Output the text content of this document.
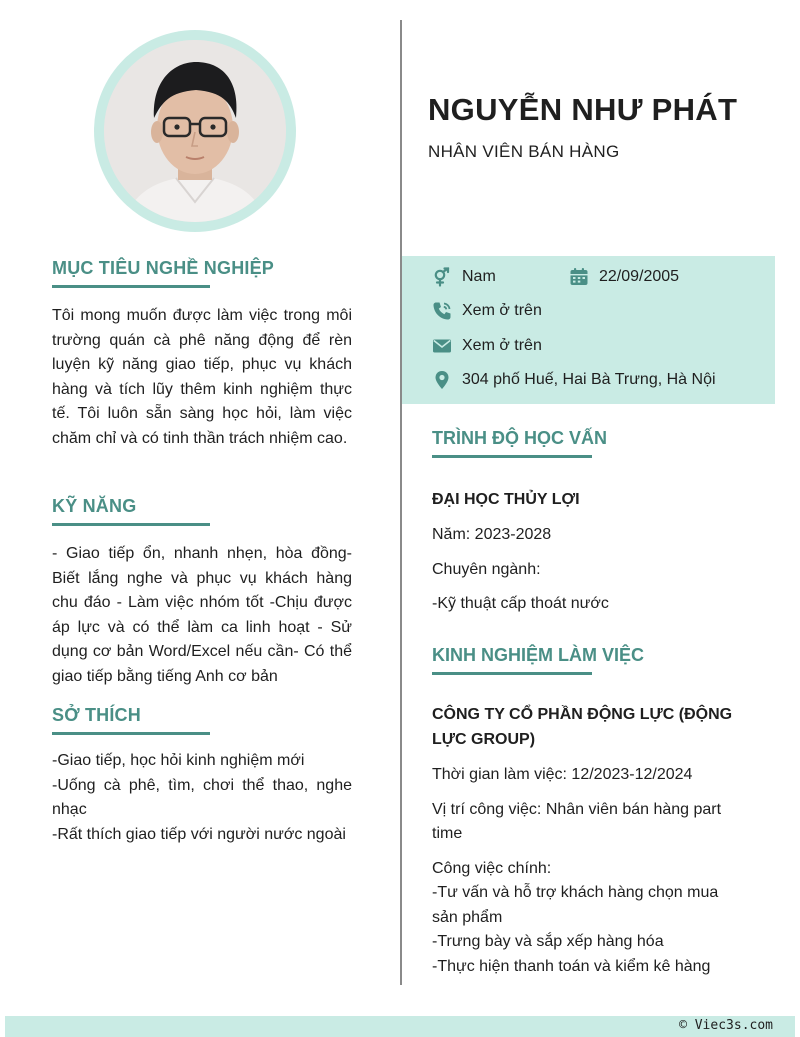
MỤC TIÊU NGHỀ NGHIỆP

Tôi mong muốn được làm việc trong môi trường quán cà phê năng động để rèn luyện kỹ năng giao tiếp, phục vụ khách hàng và tích lũy thêm kinh nghiệm thực tế. Tôi luôn sẵn sàng học hỏi, làm việc chăm chỉ và có tinh thần trách nhiệm cao.

KỸ NĂNG

- Giao tiếp ổn, nhanh nhẹn, hòa đồng- Biết lắng nghe và phục vụ khách hàng chu đáo - Làm việc nhóm tốt -Chịu được áp lực và có thể làm ca linh hoạt - Sử dụng cơ bản Word/Excel nếu cần- Có thể giao tiếp bằng tiếng Anh cơ bản

SỞ THÍCH

-Giao tiếp, học hỏi kinh nghiệm mới

-Uống cà phê, tìm, chơi thể thao, nghe nhạc

-Rất thích giao tiếp với người nước ngoài

NGUYỄN NHƯ PHÁT
NHÂN VIÊN BÁN HÀNG
Nam	22/09/2005
Xem ở trên
Xem ở trên
304 phố Huế, Hai Bà Trưng, Hà Nội
TRÌNH ĐỘ HỌC VẤN
ĐẠI HỌC THỦY LỢI
Năm: 2023-2028
Chuyên ngành:
-Kỹ thuật cấp thoát nước
KINH NGHIỆM LÀM VIỆC
CÔNG TY CỔ PHẦN ĐỘNG LỰC (ĐỘNG LỰC GROUP)
Thời gian làm việc: 12/2023-12/2024
Vị trí công việc: Nhân viên bán hàng part time
Công việc chính:
-Tư vấn và hỗ trợ khách hàng chọn mua sản phẩm
-Trưng bày và sắp xếp hàng hóa
-Thực hiện thanh toán và kiểm kê hàng
© Viec3s.com
